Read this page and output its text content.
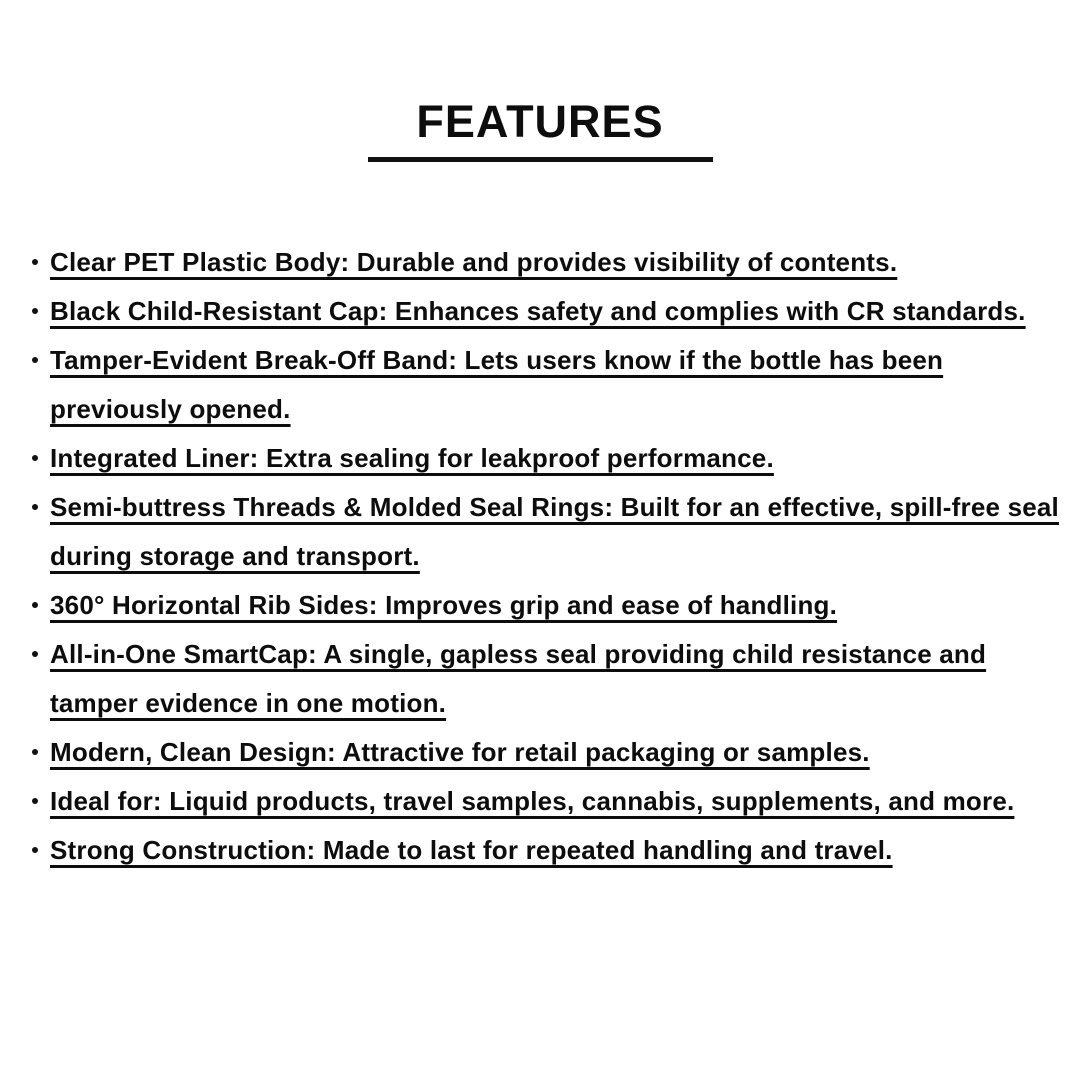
FEATURES
Clear PET Plastic Body: Durable and provides visibility of contents.
Black Child-Resistant Cap: Enhances safety and complies with CR standards.
Tamper-Evident Break-Off Band: Lets users know if the bottle has been previously opened.
Integrated Liner: Extra sealing for leakproof performance.
Semi-buttress Threads & Molded Seal Rings: Built for an effective, spill-free seal during storage and transport.
360° Horizontal Rib Sides: Improves grip and ease of handling.
All-in-One SmartCap: A single, gapless seal providing child resistance and tamper evidence in one motion.
Modern, Clean Design: Attractive for retail packaging or samples.
Ideal for: Liquid products, travel samples, cannabis, supplements, and more.
Strong Construction: Made to last for repeated handling and travel.
